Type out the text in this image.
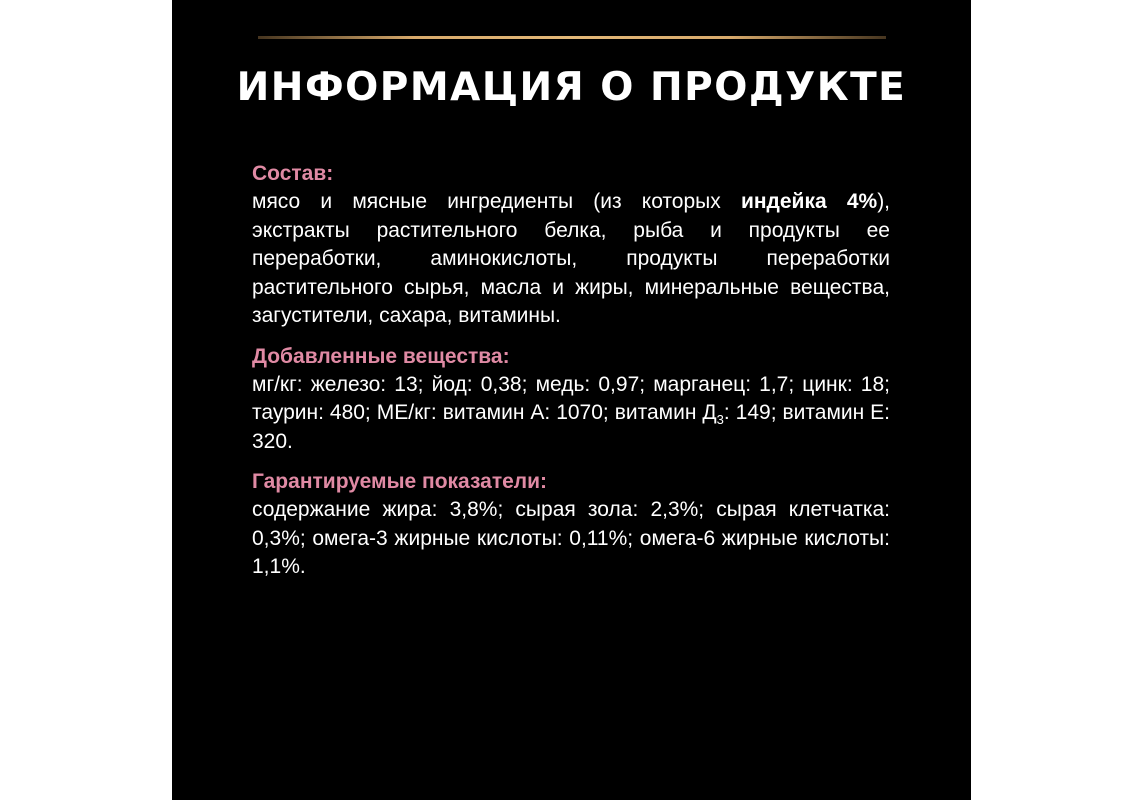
ИНФОРМАЦИЯ О ПРОДУКТЕ

Состав:

мясо и мясные ингредиенты (из которых индейка 4%), экстракты растительного белка, рыба и продукты ее переработки, аминокислоты, продукты переработки растительного сырья, масла и жиры, минеральные вещества, загустители, сахара, витамины.

Добавленные вещества:

мг/кг: железо: 13; йод: 0,38; медь: 0,97; марганец: 1,7; цинк: 18; таурин: 480; МЕ/кг: витамин А: 1070; витамин $Д_3$: 149; витамин Е: 320.

Гарантируемые показатели:

содержание жира: 3,8%; сырая зола: 2,3%; сырая клетчатка: 0,3%; омега-3 жирные кислоты: 0,11%; омега-6 жирные кислоты: 1,1%.
